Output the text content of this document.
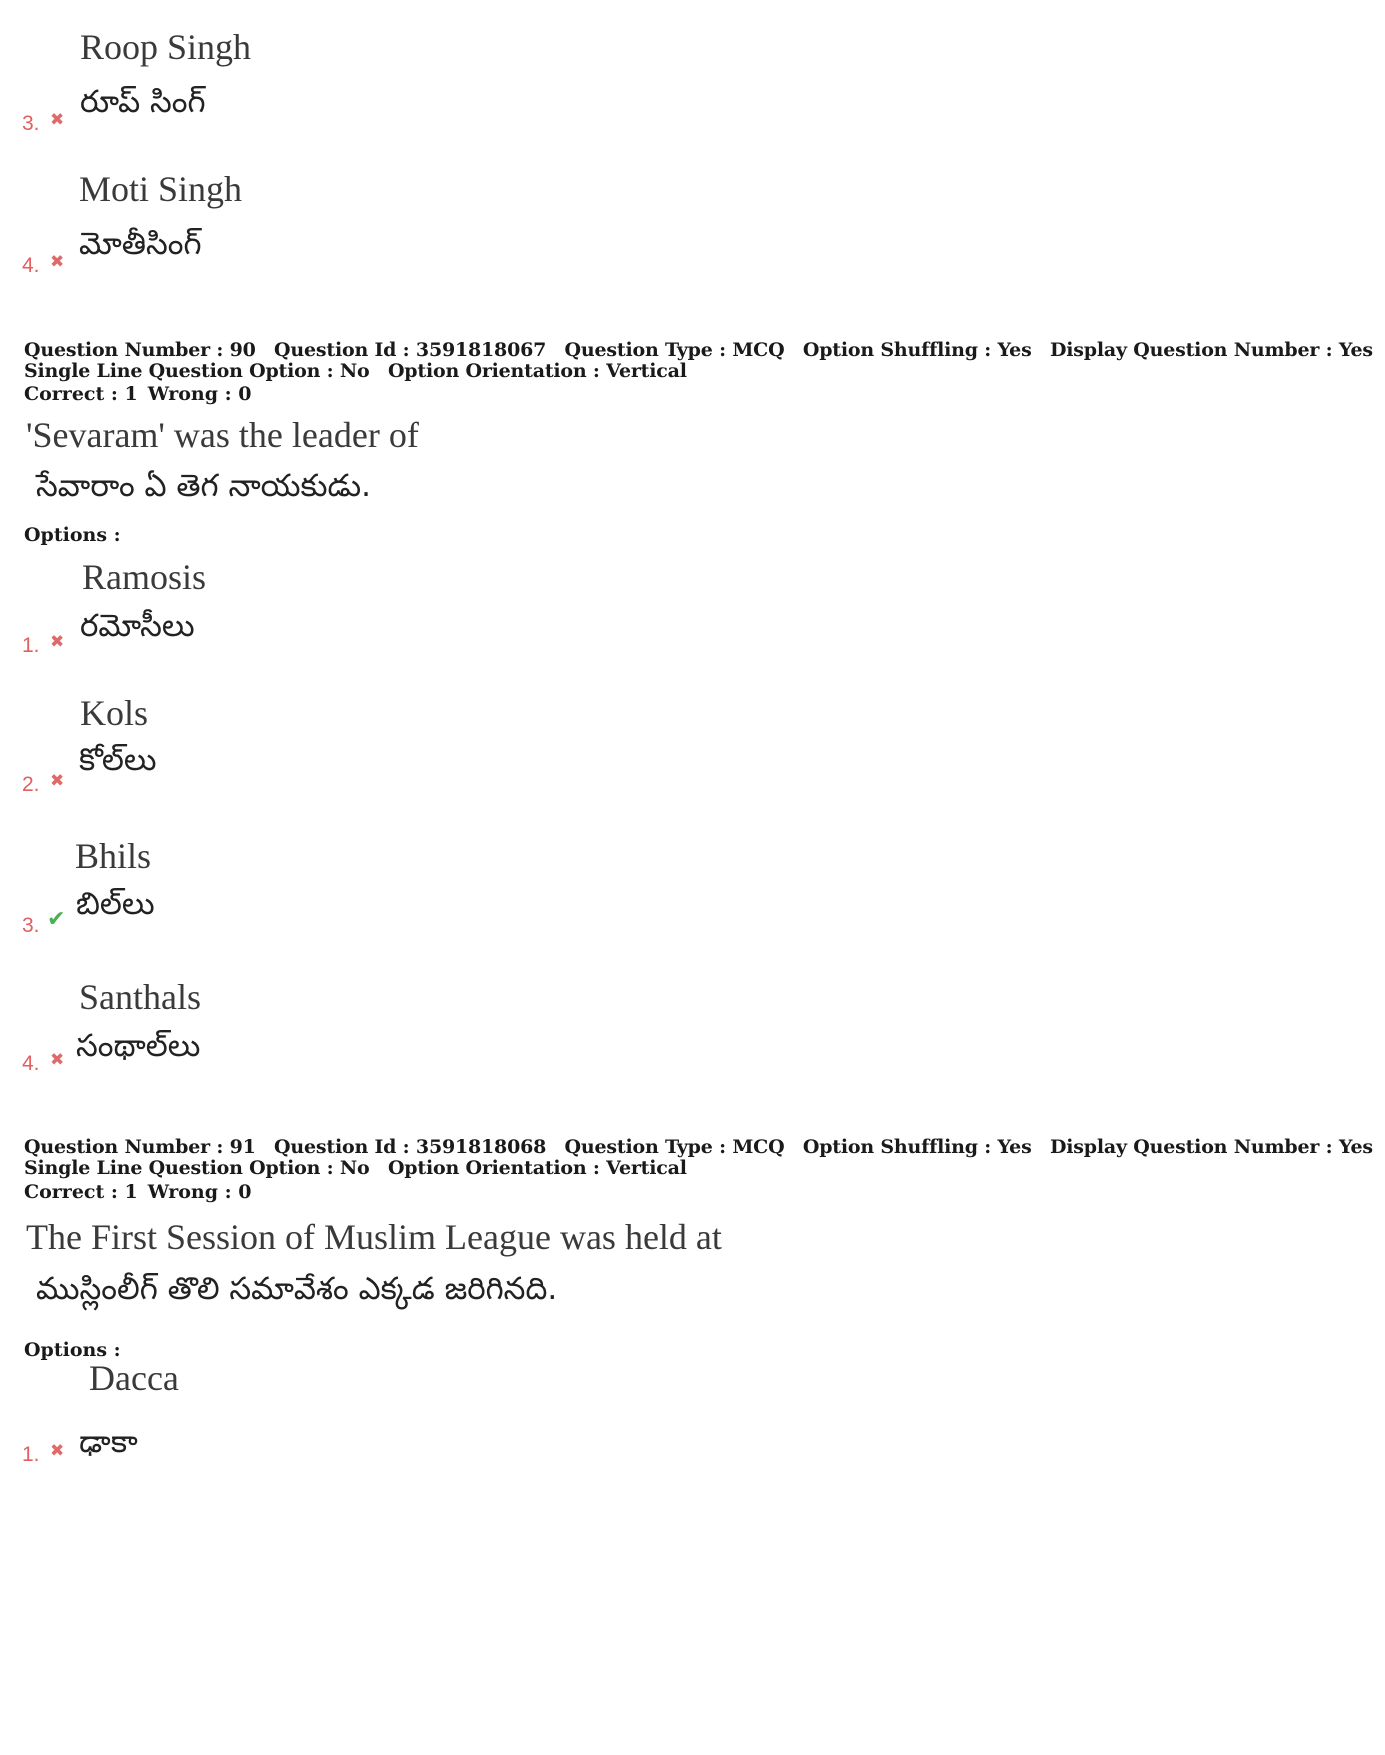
Roop Singh
రూప్ సింగ్
3. ✖
Moti Singh
మోతీసింగ్
4. ✖
Question Number : 90 Question Id : 3591818067 Question Type : MCQ Option Shuffling : Yes Display Question Number : Yes
Single Line Question Option : No Option Orientation : Vertical
Correct : 1 Wrong : 0
'Sevaram' was the leader of
సేవారాం ఏ తెగ నాయకుడు.
Options :
Ramosis
రమోసీలు
1. ✖
Kols
కోల్‌లు
2. ✖
Bhils
బిల్‌లు
3. ✔
Santhals
సంథాల్‌లు
4. ✖
Question Number : 91 Question Id : 3591818068 Question Type : MCQ Option Shuffling : Yes Display Question Number : Yes
Single Line Question Option : No Option Orientation : Vertical
Correct : 1 Wrong : 0
The First Session of Muslim League was held at
ముస్లింలీగ్ తొలి సమావేశం ఎక్కడ జరిగినది.
Options :
Dacca
ఢాకా
1. ✖
